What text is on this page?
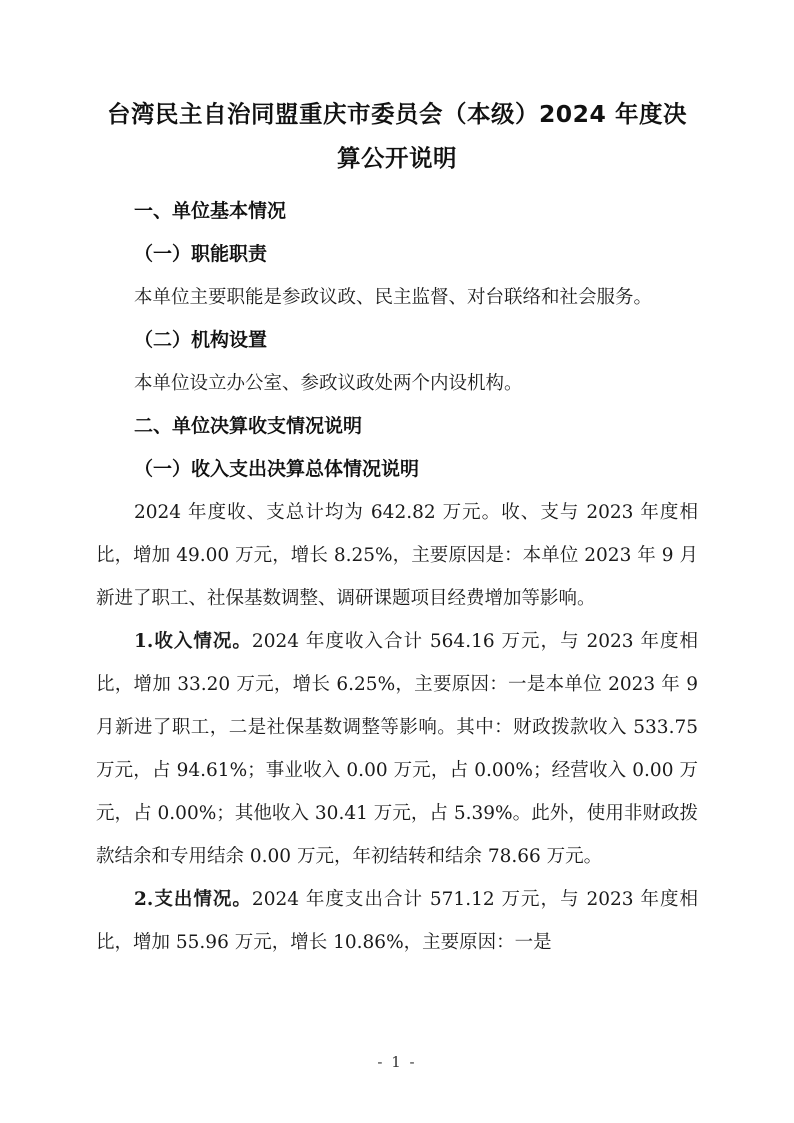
台湾民主自治同盟重庆市委员会（本级）2024 年度决算公开说明
一、单位基本情况
（一）职能职责

本单位主要职能是参政议政、民主监督、对台联络和社会服务。

（二）机构设置

本单位设立办公室、参政议政处两个内设机构。

二、单位决算收支情况说明
（一）收入支出决算总体情况说明

2024 年度收、支总计均为 642.82 万元。收、支与 2023 年度相比，增加 49.00 万元，增长 8.25%，主要原因是：本单位 2023 年 9 月新进了职工、社保基数调整、调研课题项目经费增加等影响。

1.收入情况。2024 年度收入合计 564.16 万元，与 2023 年度相比，增加 33.20 万元，增长 6.25%，主要原因：一是本单位 2023 年 9 月新进了职工，二是社保基数调整等影响。其中：财政拨款收入 533.75 万元，占 94.61%；事业收入 0.00 万元，占 0.00%；经营收入 0.00 万元，占 0.00%；其他收入 30.41 万元，占 5.39%。此外，使用非财政拨款结余和专用结余 0.00 万元，年初结转和结余 78.66 万元。

2.支出情况。2024 年度支出合计 571.12 万元，与 2023 年度相比，增加 55.96 万元，增长 10.86%，主要原因：一是

- 1 -
